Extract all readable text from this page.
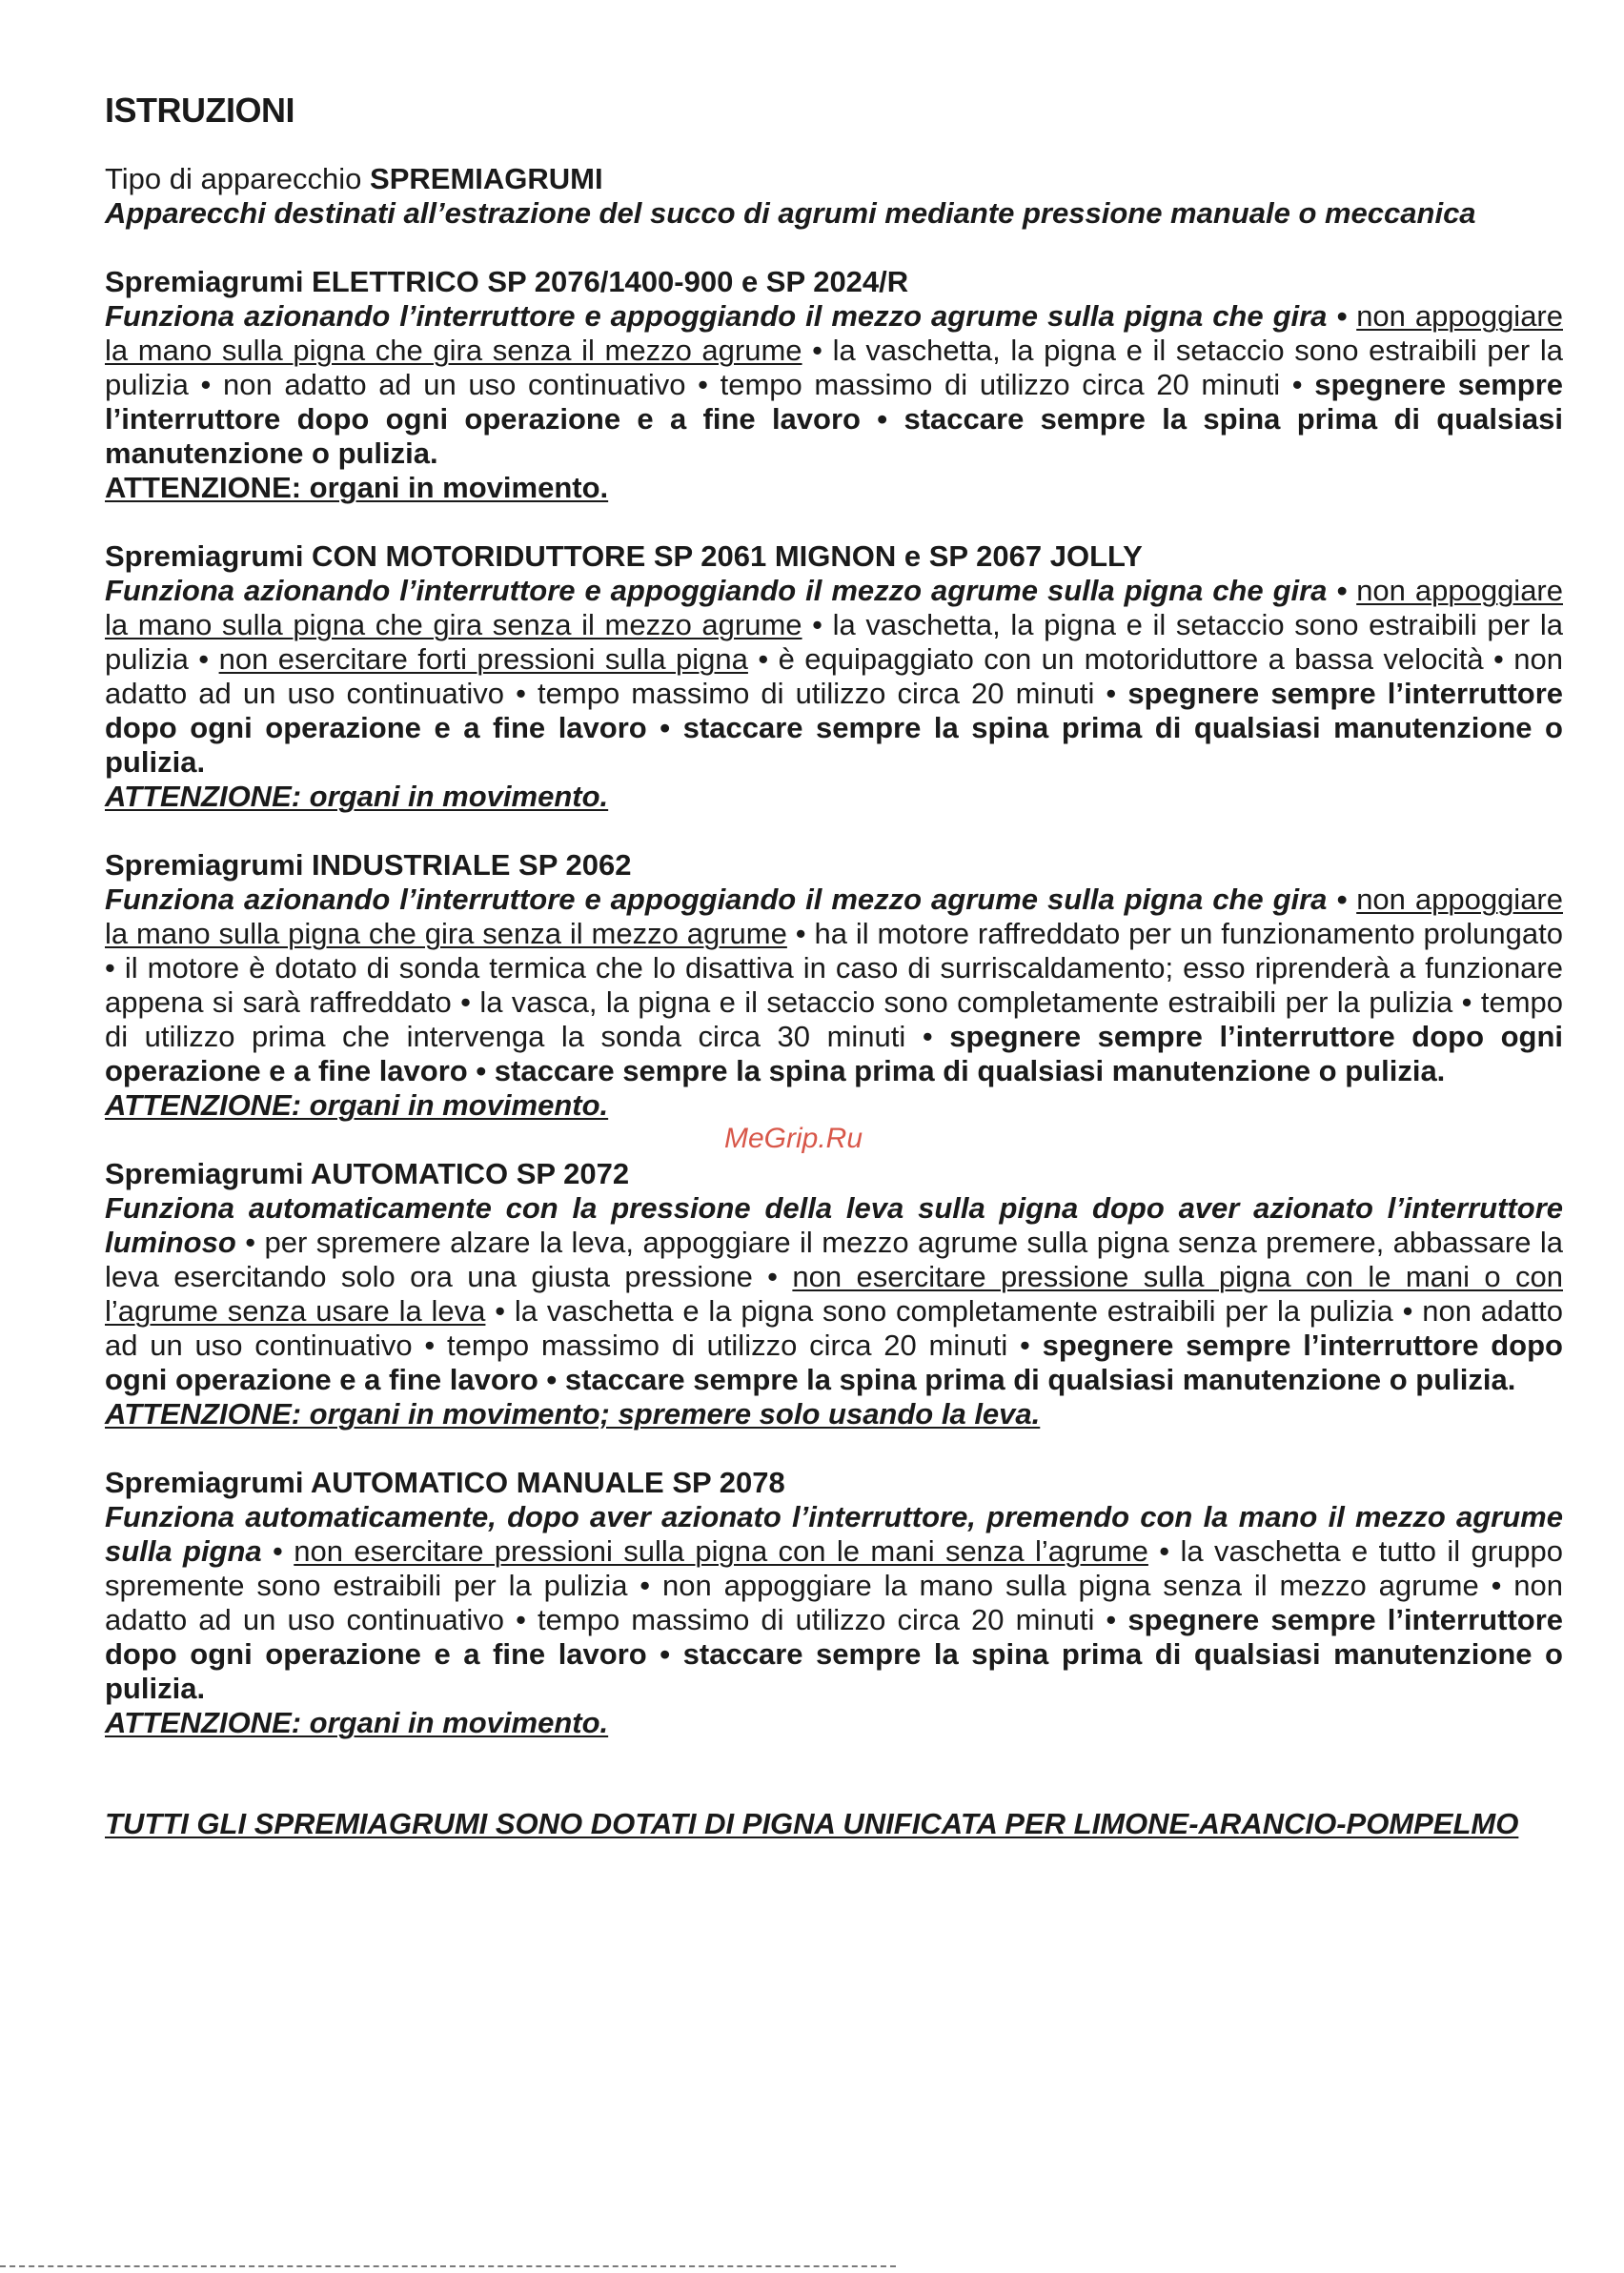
ISTRUZIONI

Tipo di apparecchio SPREMIAGRUMI
Apparecchi destinati all’estrazione del succo di agrumi mediante pressione manuale o meccanica

Spremiagrumi ELETTRICO SP 2076/1400-900 e SP 2024/R

Funziona azionando l’interruttore e appoggiando il mezzo agrume sulla pigna che gira • non appoggiare la mano sulla pigna che gira senza il mezzo agrume • la vaschetta, la pigna e il setaccio sono estraibili per la pulizia • non adatto ad un uso continuativo • tempo massimo di utilizzo circa 20 minuti • spegnere sempre l’interruttore dopo ogni operazione e a fine lavoro • staccare sempre la spina prima di qualsiasi manutenzione o pulizia.

ATTENZIONE: organi in movimento.

Spremiagrumi CON MOTORIDUTTORE SP 2061 MIGNON e SP 2067 JOLLY

Funziona azionando l’interruttore e appoggiando il mezzo agrume sulla pigna che gira • non appoggiare la mano sulla pigna che gira senza il mezzo agrume • la vaschetta, la pigna e il setaccio sono estraibili per la pulizia • non esercitare forti pressioni sulla pigna • è equipaggiato con un motoriduttore a bassa velocità • non adatto ad un uso continuativo • tempo massimo di utilizzo circa 20 minuti • spegnere sempre l’interruttore dopo ogni operazione e a fine lavoro • staccare sempre la spina prima di qualsiasi manutenzione o pulizia.

ATTENZIONE: organi in movimento.

Spremiagrumi INDUSTRIALE SP 2062

Funziona azionando l’interruttore e appoggiando il mezzo agrume sulla pigna che gira • non appoggiare la mano sulla pigna che gira senza il mezzo agrume • ha il motore raffreddato per un funzionamento prolungato • il motore è dotato di sonda termica che lo disattiva in caso di surriscaldamento; esso riprenderà a funzionare appena si sarà raffreddato • la vasca, la pigna e il setaccio sono completamente estraibili per la pulizia • tempo di utilizzo prima che intervenga la sonda circa 30 minuti • spegnere sempre l’interruttore dopo ogni operazione e a fine lavoro • staccare sempre la spina prima di qualsiasi manutenzione o pulizia.

ATTENZIONE: organi in movimento.

Spremiagrumi AUTOMATICO SP 2072

Funziona automaticamente con la pressione della leva sulla pigna dopo aver azionato l’interruttore luminoso • per spremere alzare la leva, appoggiare il mezzo agrume sulla pigna senza premere, abbassare la leva esercitando solo ora una giusta pressione • non esercitare pressione sulla pigna con le mani o con l’agrume senza usare la leva • la vaschetta e la pigna sono completamente estraibili per la pulizia • non adatto ad un uso continuativo • tempo massimo di utilizzo circa 20 minuti • spegnere sempre l’interruttore dopo ogni operazione e a fine lavoro • staccare sempre la spina prima di qualsiasi manutenzione o pulizia.

ATTENZIONE: organi in movimento; spremere solo usando la leva.

Spremiagrumi AUTOMATICO MANUALE SP 2078

Funziona automaticamente, dopo aver azionato l’interruttore, premendo con la mano il mezzo agrume sulla pigna • non esercitare pressioni sulla pigna con le mani senza l’agrume • la vaschetta e tutto il gruppo spremente sono estraibili per la pulizia • non appoggiare la mano sulla pigna senza il mezzo agrume • non adatto ad un uso continuativo • tempo massimo di utilizzo circa 20 minuti • spegnere sempre l’interruttore dopo ogni operazione e a fine lavoro • staccare sempre la spina prima di qualsiasi manutenzione o pulizia.

ATTENZIONE: organi in movimento.

TUTTI GLI SPREMIAGRUMI SONO DOTATI DI PIGNA UNIFICATA PER LIMONE-ARANCIO-POMPELMO

MeGrip.Ru
